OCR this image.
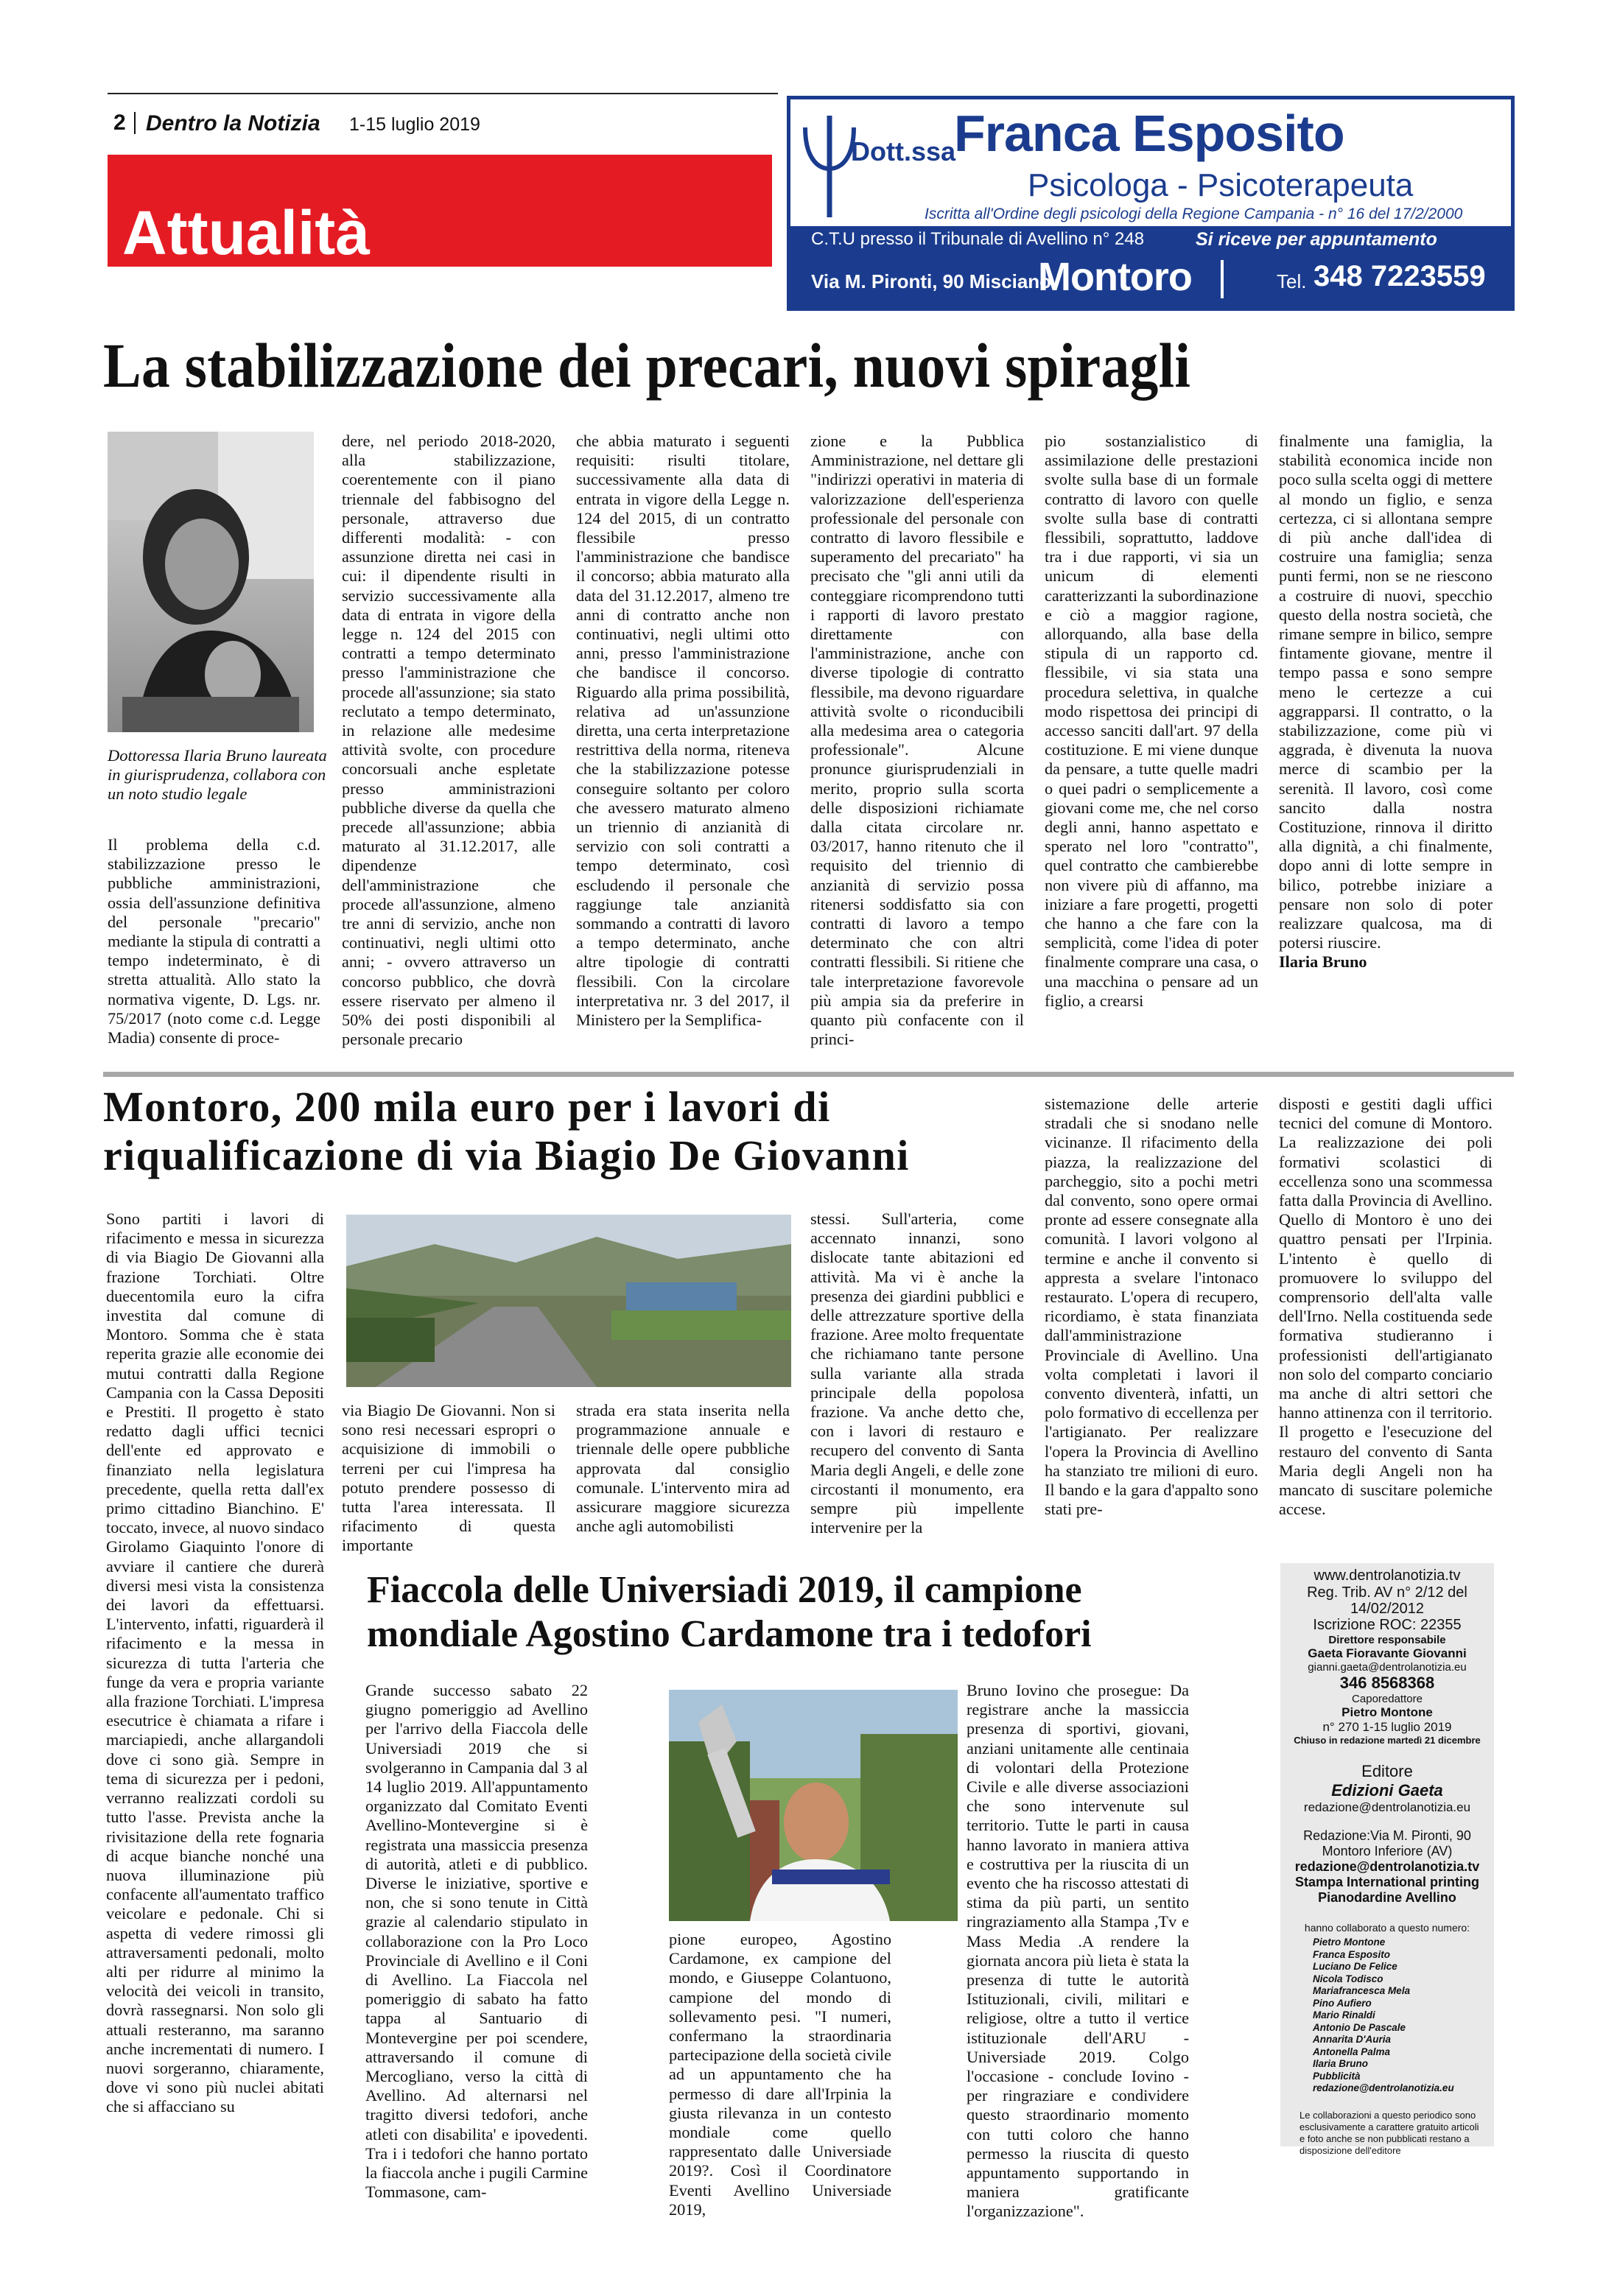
2 Dentro la Notizia 1-15 luglio 2019
Attualità
Dott.ssa
Franca Esposito
Psicologa - Psicoterapeuta
Iscritta all'Ordine degli psicologi della Regione Campania - n° 16 del 17/2/2000
C.T.U presso il Tribunale di Avellino n° 248	Si riceve per appuntamento
Via M. Pironti, 90 Misciano
Montoro	Tel. 348 7223559
La stabilizzazione dei precari, nuovi spiragli
Dottoressa Ilaria Bruno laureata in giurisprudenza, collabora con un noto studio legale
Il problema della c.d. stabilizzazione presso le pubbliche amministrazioni, ossia dell'assunzione definitiva del personale "precario" mediante la stipula di contratti a tempo indeterminato, è di stretta attualità. Allo stato la normativa vigente, D. Lgs. nr. 75/2017 (noto come c.d. Legge Madia) consente di proce-
dere, nel periodo 2018-2020, alla stabilizzazione, coerentemente con il piano triennale del fabbisogno del personale, attraverso due differenti modalità: - con assunzione diretta nei casi in cui: il dipendente risulti in servizio successivamente alla data di entrata in vigore della legge n. 124 del 2015 con contratti a tempo determinato presso l'amministrazione che procede all'assunzione; sia stato reclutato a tempo determinato, in relazione alle medesime attività svolte, con procedure concorsuali anche espletate presso amministrazioni pubbliche diverse da quella che precede all'assunzione; abbia maturato al 31.12.2017, alle dipendenze dell'amministrazione che procede all'assunzione, almeno tre anni di servizio, anche non continuativi, negli ultimi otto anni; - ovvero attraverso un concorso pubblico, che dovrà essere riservato per almeno il 50% dei posti disponibili al personale precario
che abbia maturato i seguenti requisiti: risulti titolare, successivamente alla data di entrata in vigore della Legge n. 124 del 2015, di un contratto flessibile presso l'amministrazione che bandisce il concorso; abbia maturato alla data del 31.12.2017, almeno tre anni di contratto anche non continuativi, negli ultimi otto anni, presso l'amministrazione che bandisce il concorso. Riguardo alla prima possibilità, relativa ad un'assunzione diretta, una certa interpretazione restrittiva della norma, riteneva che la stabilizzazione potesse conseguire soltanto per coloro che avessero maturato almeno un triennio di anzianità di servizio con soli contratti a tempo determinato, così escludendo il personale che raggiunge tale anzianità sommando a contratti di lavoro a tempo determinato, anche altre tipologie di contratti flessibili. Con la circolare interpretativa nr. 3 del 2017, il Ministero per la Semplifica-
zione e la Pubblica Amministrazione, nel dettare gli "indirizzi operativi in materia di valorizzazione dell'esperienza professionale del personale con contratto di lavoro flessibile e superamento del precariato" ha precisato che "gli anni utili da conteggiare ricomprendono tutti i rapporti di lavoro prestato direttamente con l'amministrazione, anche con diverse tipologie di contratto flessibile, ma devono riguardare attività svolte o riconducibili alla medesima area o categoria professionale". Alcune pronunce giurisprudenziali in merito, proprio sulla scorta delle disposizioni richiamate dalla citata circolare nr. 03/2017, hanno ritenuto che il requisito del triennio di anzianità di servizio possa ritenersi soddisfatto sia con contratti di lavoro a tempo determinato che con altri contratti flessibili. Si ritiene che tale interpretazione favorevole più ampia sia da preferire in quanto più confacente con il princi-
pio sostanzialistico di assimilazione delle prestazioni svolte sulla base di un formale contratto di lavoro con quelle svolte sulla base di contratti flessibili, soprattutto, laddove tra i due rapporti, vi sia un unicum di elementi caratterizzanti la subordinazione e ciò a maggior ragione, allorquando, alla base della stipula di un rapporto cd. flessibile, vi sia stata una procedura selettiva, in qualche modo rispettosa dei principi di accesso sanciti dall'art. 97 della costituzione. E mi viene dunque da pensare, a tutte quelle madri o quei padri o semplicemente a giovani come me, che nel corso degli anni, hanno aspettato e sperato nel loro "contratto", quel contratto che cambierebbe non vivere più di affanno, ma iniziare a fare progetti, progetti che hanno a che fare con la semplicità, come l'idea di poter finalmente comprare una casa, o una macchina o pensare ad un figlio, a crearsi

finalmente una famiglia, la stabilità economica incide non poco sulla scelta oggi di mettere al mondo un figlio, e senza certezza, ci si allontana sempre di più anche dall'idea di costruire una famiglia; senza punti fermi, non se ne riescono a costruire di nuovi, specchio questo della nostra società, che rimane sempre in bilico, sempre fintamente giovane, mentre il tempo passa e sono sempre meno le certezze a cui aggrapparsi. Il contratto, o la stabilizzazione, come più vi aggrada, è divenuta la nuova merce di scambio per la serenità. Il lavoro, così come sancito dalla nostra Costituzione, rinnova il diritto alla dignità, a chi finalmente, dopo anni di lotte sempre in bilico, potrebbe iniziare a pensare non solo di poter realizzare qualcosa, ma di potersi riuscire.

Ilaria Bruno

Montoro, 200 mila euro per i lavori di
riqualificazione di via Biagio De Giovanni
Sono partiti i lavori di rifacimento e messa in sicurezza di via Biagio De Giovanni alla frazione Torchiati. Oltre duecentomila euro la cifra investita dal comune di Montoro. Somma che è stata reperita grazie alle economie dei mutui contratti dalla Regione Campania con la Cassa Depositi e Prestiti. Il progetto è stato redatto dagli uffici tecnici dell'ente ed approvato e finanziato nella legislatura precedente, quella retta dall'ex primo cittadino Bianchino. E' toccato, invece, al nuovo sindaco Girolamo Giaquinto l'onore di avviare il cantiere che durerà diversi mesi vista la consistenza dei lavori da effettuarsi. L'intervento, infatti, riguarderà il rifacimento e la messa in sicurezza di tutta l'arteria che funge da vera e propria variante alla frazione Torchiati. L'impresa esecutrice è chiamata a rifare i marciapiedi, anche allargandoli dove ci sono già. Sempre in tema di sicurezza per i pedoni, verranno realizzati cordoli su tutto l'asse. Prevista anche la rivisitazione della rete fognaria di acque bianche nonché una nuova illuminazione più confacente all'aumentato traffico veicolare e pedonale. Chi si aspetta di vedere rimossi gli attraversamenti pedonali, molto alti per ridurre al minimo la velocità dei veicoli in transito, dovrà rassegnarsi. Non solo gli attuali resteranno, ma saranno anche incrementati di numero. I nuovi sorgeranno, chiaramente, dove vi sono più nuclei abitati che si affacciano su
via Biagio De Giovanni. Non si sono resi necessari espropri o acquisizione di immobili o terreni per cui l'impresa ha potuto prendere possesso di tutta l'area interessata. Il rifacimento di questa importante
strada era stata inserita nella programmazione annuale e triennale delle opere pubbliche approvata dal consiglio comunale. L'intervento mira ad assicurare maggiore sicurezza anche agli automobilisti
stessi. Sull'arteria, come accennato innanzi, sono dislocate tante abitazioni ed attività. Ma vi è anche la presenza dei giardini pubblici e delle attrezzature sportive della frazione. Aree molto frequentate che richiamano tante persone sulla variante alla strada principale della popolosa frazione. Va anche detto che, con i lavori di restauro e recupero del convento di Santa Maria degli Angeli, e delle zone circostanti il monumento, era sempre più impellente intervenire per la
sistemazione delle arterie stradali che si snodano nelle vicinanze. Il rifacimento della piazza, la realizzazione del parcheggio, sito a pochi metri dal convento, sono opere ormai pronte ad essere consegnate alla comunità. I lavori volgono al termine e anche il convento si appresta a svelare l'intonaco restaurato. L'opera di recupero, ricordiamo, è stata finanziata dall'amministrazione Provinciale di Avellino. Una volta completati i lavori il convento diventerà, infatti, un polo formativo di eccellenza per l'artigianato. Per realizzare l'opera la Provincia di Avellino ha stanziato tre milioni di euro. Il bando e la gara d'appalto sono stati pre-
disposti e gestiti dagli uffici tecnici del comune di Montoro. La realizzazione dei poli formativi scolastici di eccellenza sono una scommessa fatta dalla Provincia di Avellino. Quello di Montoro è uno dei quattro pensati per l'Irpinia. L'intento è quello di promuovere lo sviluppo del comprensorio dell'alta valle dell'Irno. Nella costituenda sede formativa studieranno i professionisti dell'artigianato non solo del comparto conciario ma anche di altri settori che hanno attinenza con il territorio. Il progetto e l'esecuzione del restauro del convento di Santa Maria degli Angeli non ha mancato di suscitare polemiche accese.
Fiaccola delle Universiadi 2019, il campione
mondiale Agostino Cardamone tra i tedofori
Grande successo sabato 22 giugno pomeriggio ad Avellino per l'arrivo della Fiaccola delle Universiadi 2019 che si svolgeranno in Campania dal 3 al 14 luglio 2019. All'appuntamento organizzato dal Comitato Eventi Avellino-Montevergine si è registrata una massiccia presenza di autorità, atleti e di pubblico. Diverse le iniziative, sportive e non, che si sono tenute in Città grazie al calendario stipulato in collaborazione con la Pro Loco Provinciale di Avellino e il Coni di Avellino. La Fiaccola nel pomeriggio di sabato ha fatto tappa al Santuario di Montevergine per poi scendere, attraversando il comune di Mercogliano, verso la città di Avellino. Ad alternarsi nel tragitto diversi tedofori, anche atleti con disabilita' e ipovedenti. Tra i i tedofori che hanno portato la fiaccola anche i pugili Carmine Tommasone, cam-
pione europeo, Agostino Cardamone, ex campione del mondo, e Giuseppe Colantuono, campione del mondo di sollevamento pesi. "I numeri, confermano la straordinaria partecipazione della società civile ad un appuntamento che ha permesso di dare all'Irpinia la giusta rilevanza in un contesto mondiale come quello rappresentato dalle Universiade 2019?. Così il Coordinatore Eventi Avellino Universiade 2019,
Bruno Iovino che prosegue: Da registrare anche la massiccia presenza di sportivi, giovani, anziani unitamente alle centinaia di volontari della Protezione Civile e alle diverse associazioni che sono intervenute sul territorio. Tutte le parti in causa hanno lavorato in maniera attiva e costruttiva per la riuscita di un evento che ha riscosso attestati di stima da più parti, un sentito ringraziamento alla Stampa ,Tv e Mass Media .A rendere la giornata ancora più lieta è stata la presenza di tutte le autorità Istituzionali, civili, militari e religiose, oltre a tutto il vertice istituzionale dell'ARU - Universiade 2019. Colgo l'occasione - conclude Iovino - per ringraziare e condividere questo straordinario momento con tutti coloro che hanno permesso la riuscita di questo appuntamento supportando in maniera gratificante l'organizzazione".
www.dentrolanotizia.tv
Reg. Trib. AV n° 2/12 del 14/02/2012
Iscrizione ROC: 22355
Direttore responsabile
Gaeta Fioravante Giovanni
gianni.gaeta@dentrolanotizia.eu
346 8568368
Caporedattore
Pietro Montone
n° 270 1-15 luglio 2019
Chiuso in redazione martedì 21 dicembre
Editore
Edizioni Gaeta
redazione@dentrolanotizia.eu
Redazione:Via M. Pironti, 90
Montoro Inferiore (AV)
redazione@dentrolanotizia.tv
Stampa International printing
Pianodardine Avellino
hanno collaborato a questo numero:
Pietro Montone
Franca Esposito
Luciano De Felice
Nicola Todisco
Mariafrancesca Mela
Pino Aufiero
Mario Rinaldi
Antonio De Pascale
Annarita D'Auria
Antonella Palma
Ilaria Bruno
Pubblicità redazione@dentrolanotizia.eu
Le collaborazioni a questo periodico sono esclusivamente a carattere gratuito articoli e foto anche se non pubblicati restano a disposizione dell'editore
